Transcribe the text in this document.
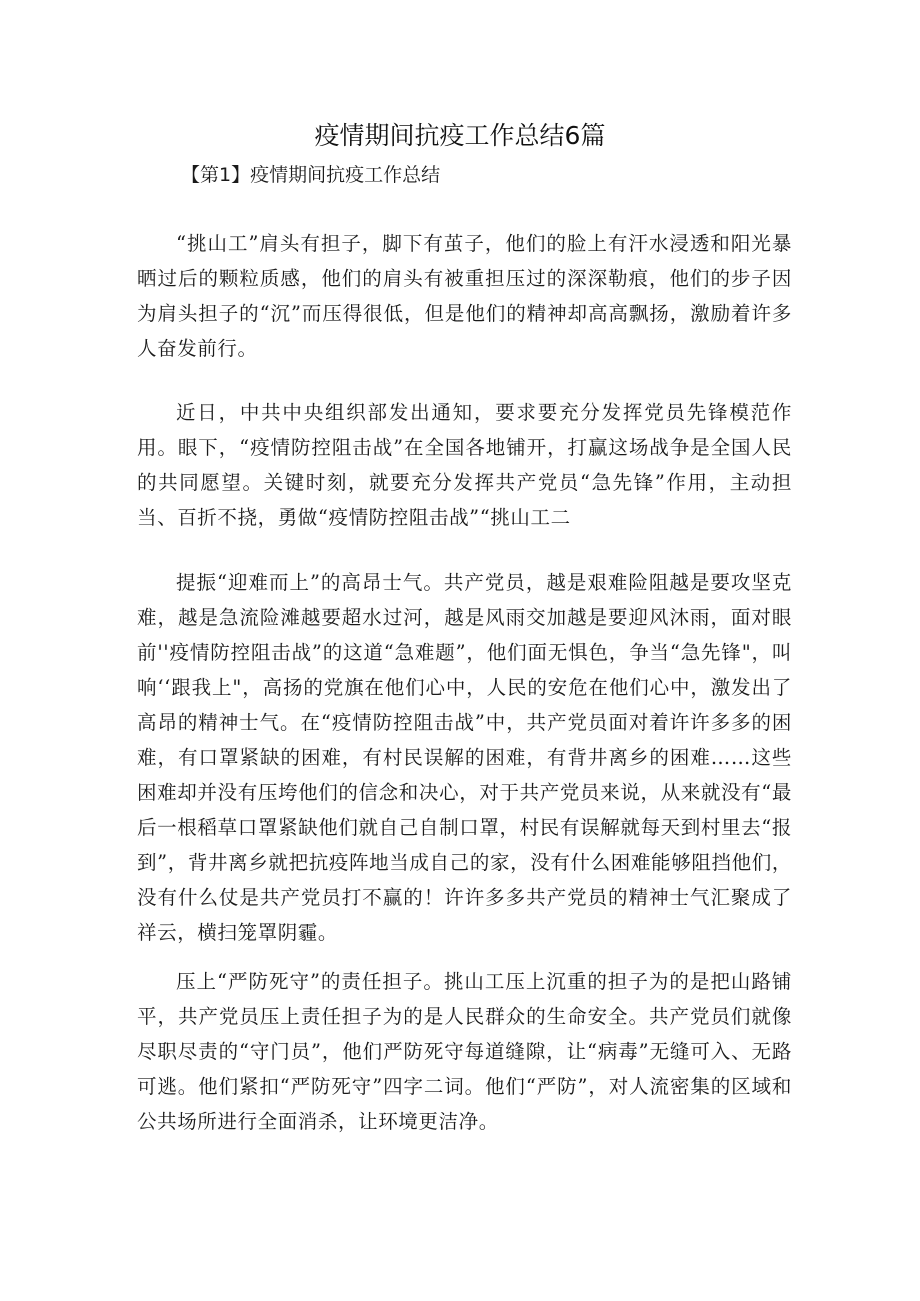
疫情期间抗疫工作总结6篇
【第1】疫情期间抗疫工作总结

“挑山工”肩头有担子，脚下有茧子，他们的脸上有汗水浸透和阳光暴晒过后的颗粒质感，他们的肩头有被重担压过的深深勒痕，他们的步子因为肩头担子的“沉”而压得很低，但是他们的精神却高高飘扬，激励着许多人奋发前行。

近日，中共中央组织部发出通知，要求要充分发挥党员先锋模范作用。眼下，“疫情防控阻击战”在全国各地铺开，打赢这场战争是全国人民的共同愿望。关键时刻，就要充分发挥共产党员“急先锋”作用，主动担当、百折不挠，勇做“疫情防控阻击战”“挑山工二

提振“迎难而上”的高昂士气。共产党员，越是艰难险阻越是要攻坚克难，越是急流险滩越要超水过河，越是风雨交加越是要迎风沐雨，面对眼前''疫情防控阻击战”的这道“急难题”，他们面无惧色，争当“急先锋"，叫响‘‘跟我上"，高扬的党旗在他们心中，人民的安危在他们心中，激发出了高昂的精神士气。在“疫情防控阻击战”中，共产党员面对着许许多多的困难，有口罩紧缺的困难，有村民误解的困难，有背井离乡的困难……这些困难却并没有压垮他们的信念和决心，对于共产党员来说，从来就没有“最后一根稻草口罩紧缺他们就自己自制口罩，村民有误解就每天到村里去“报到”，背井离乡就把抗疫阵地当成自己的家，没有什么困难能够阻挡他们，没有什么仗是共产党员打不赢的！许许多多共产党员的精神士气汇聚成了祥云，横扫笼罩阴霾。

压上“严防死守”的责任担子。挑山工压上沉重的担子为的是把山路铺平，共产党员压上责任担子为的是人民群众的生命安全。共产党员们就像尽职尽责的“守门员”，他们严防死守每道缝隙，让“病毒”无缝可入、无路可逃。他们紧扣“严防死守”四字二词。他们“严防”，对人流密集的区域和公共场所进行全面消杀，让环境更洁净。
